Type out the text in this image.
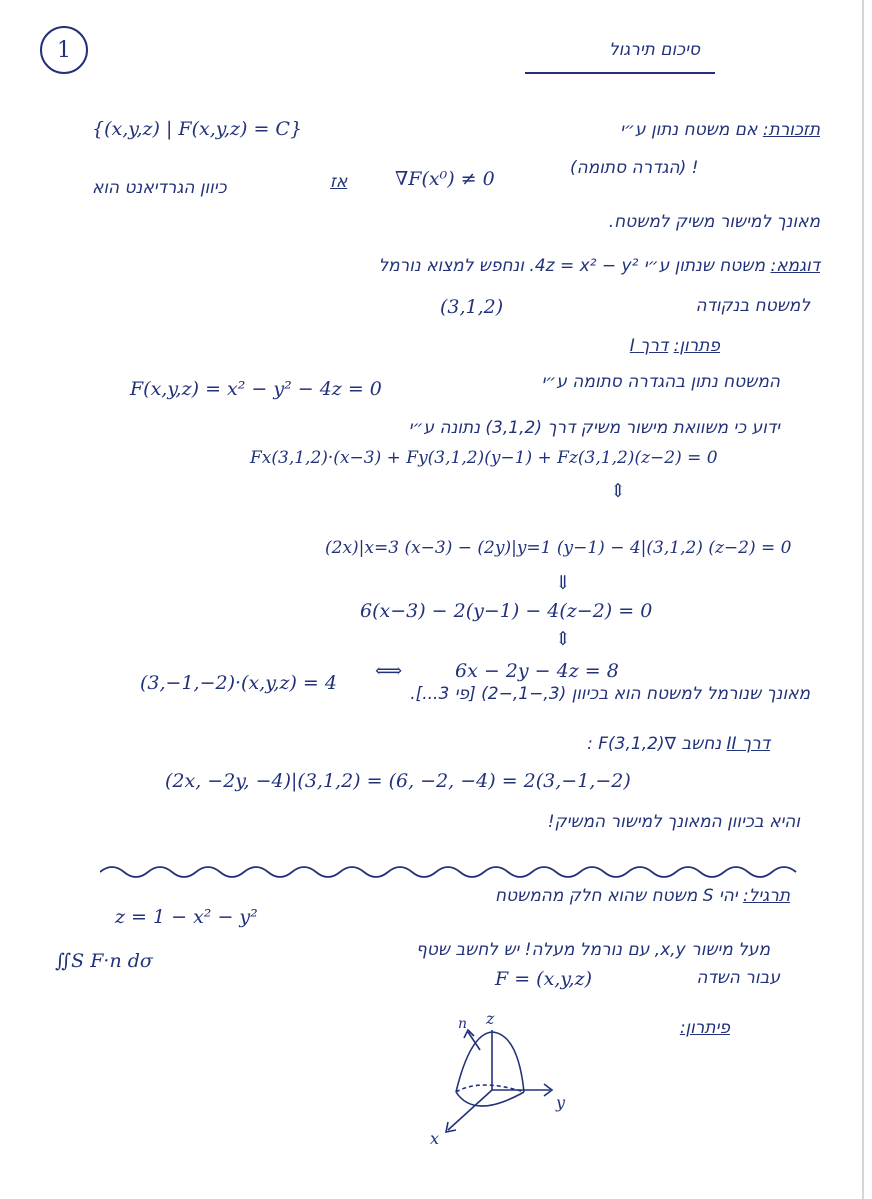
1	סיכום תירגול
{(x,y,z) | F(x,y,z) = C}	תזכורת: אם משטח נתון ע״י
כיוון הגרדיאנט הוא	אז	∇F(x⁰) ≠ 0	(הגדרה סתומה) !
מאונך למישור משיק למשטח.
דוגמא: משטח שנתון ע״י 4z = x² − y². ונחפש למצוא נורמל
(3,1,2)	למשטח בנקודה
פתרון: דרך I
F(x,y,z) = x² − y² − 4z = 0	המשטח נתון בהגדרה סתומה ע״י
ידוע כי משוואת מישור משיק דרך (3,1,2) נתונה ע״י
Fx(3,1,2)·(x−3) + Fy(3,1,2)(y−1) + Fz(3,1,2)(z−2) = 0
⇕
(2x)|x=3 (x−3) − (2y)|y=1 (y−1) − 4|(3,1,2) (z−2) = 0
⇓
6(x−3) − 2(y−1) − 4(z−2) = 0
⇕
(3,−1,−2)·(x,y,z) = 4
⟺	6x − 2y − 4z = 8
מאונך שנורמל למשטח הוא בכיוון (3,−1,−2) [פי 3...].
דרך II נחשב ∇F(3,1,2) :
(2x, −2y, −4)|(3,1,2) = (6, −2, −4) = 2(3,−1,−2)
והיא בכיוון המאונך למישור המשיק!
z = 1 − x² − y²
תרגיל: יהי S משטח שהוא חלק מהמשטח
∬S F·n dσ	מעל מישור x,y, עם נורמל מעלה! יש לחשב שטף
F = (x,y,z)	עבור השדה
פיתרון:
z
y
x
n
